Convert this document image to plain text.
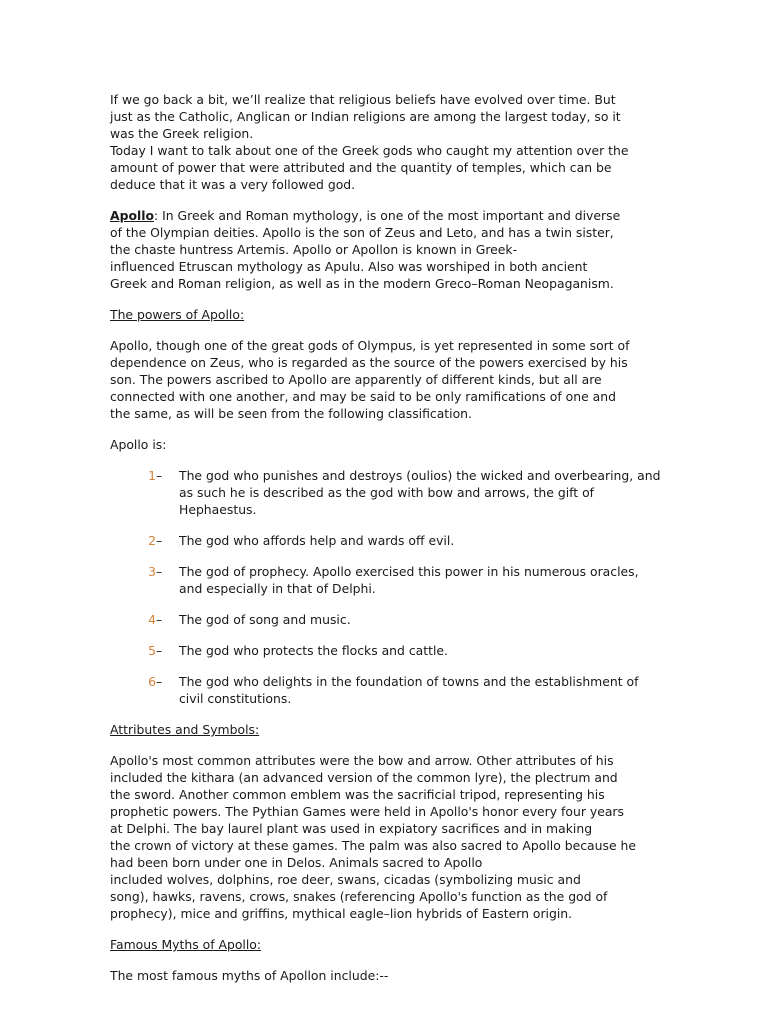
If we go back a bit, we’ll realize that religious beliefs have evolved over time. But

just as the Catholic, Anglican or Indian religions are among the largest today, so it

was the Greek religion.

Today I want to talk about one of the Greek gods who caught my attention over the

amount of power that were attributed and the quantity of temples, which can be

deduce that it was a very followed god.

Apollo: In Greek and Roman mythology, is one of the most important and diverse

of the Olympian deities. Apollo is the son of Zeus and Leto, and has a twin sister,

the chaste huntress Artemis. Apollo or Apollon is known in Greek-

influenced Etruscan mythology as Apulu. Also was worshiped in both ancient

Greek and Roman religion, as well as in the modern Greco–Roman Neopaganism.

The powers of Apollo:

Apollo, though one of the great gods of Olympus, is yet represented in some sort of

dependence on Zeus, who is regarded as the source of the powers exercised by his

son. The powers ascribed to Apollo are apparently of different kinds, but all are

connected with one another, and may be said to be only ramifications of one and

the same, as will be seen from the following classification.

Apollo is:

1 –	The god who punishes and destroys (oulios) the wicked and overbearing, and

as such he is described as the god with bow and arrows, the gift of

Hephaestus.

2 –	The god who affords help and wards off evil.

3 –	The god of prophecy. Apollo exercised this power in his numerous oracles,

and especially in that of Delphi.

4 –	The god of song and music.

5 –	The god who protects the flocks and cattle.

6 –	The god who delights in the foundation of towns and the establishment of

civil constitutions.

Attributes and Symbols:

Apollo's most common attributes were the bow and arrow. Other attributes of his

included the kithara (an advanced version of the common lyre), the plectrum and

the sword. Another common emblem was the sacrificial tripod, representing his

prophetic powers. The Pythian Games were held in Apollo's honor every four years

at Delphi. The bay laurel plant was used in expiatory sacrifices and in making

the crown of victory at these games. The palm was also sacred to Apollo because he

had been born under one in Delos. Animals sacred to Apollo

included wolves, dolphins, roe deer, swans, cicadas (symbolizing music and

song), hawks, ravens, crows, snakes (referencing Apollo's function as the god of

prophecy), mice and griffins, mythical eagle–lion hybrids of Eastern origin.

Famous Myths of Apollo:

The most famous myths of Apollon include:--
